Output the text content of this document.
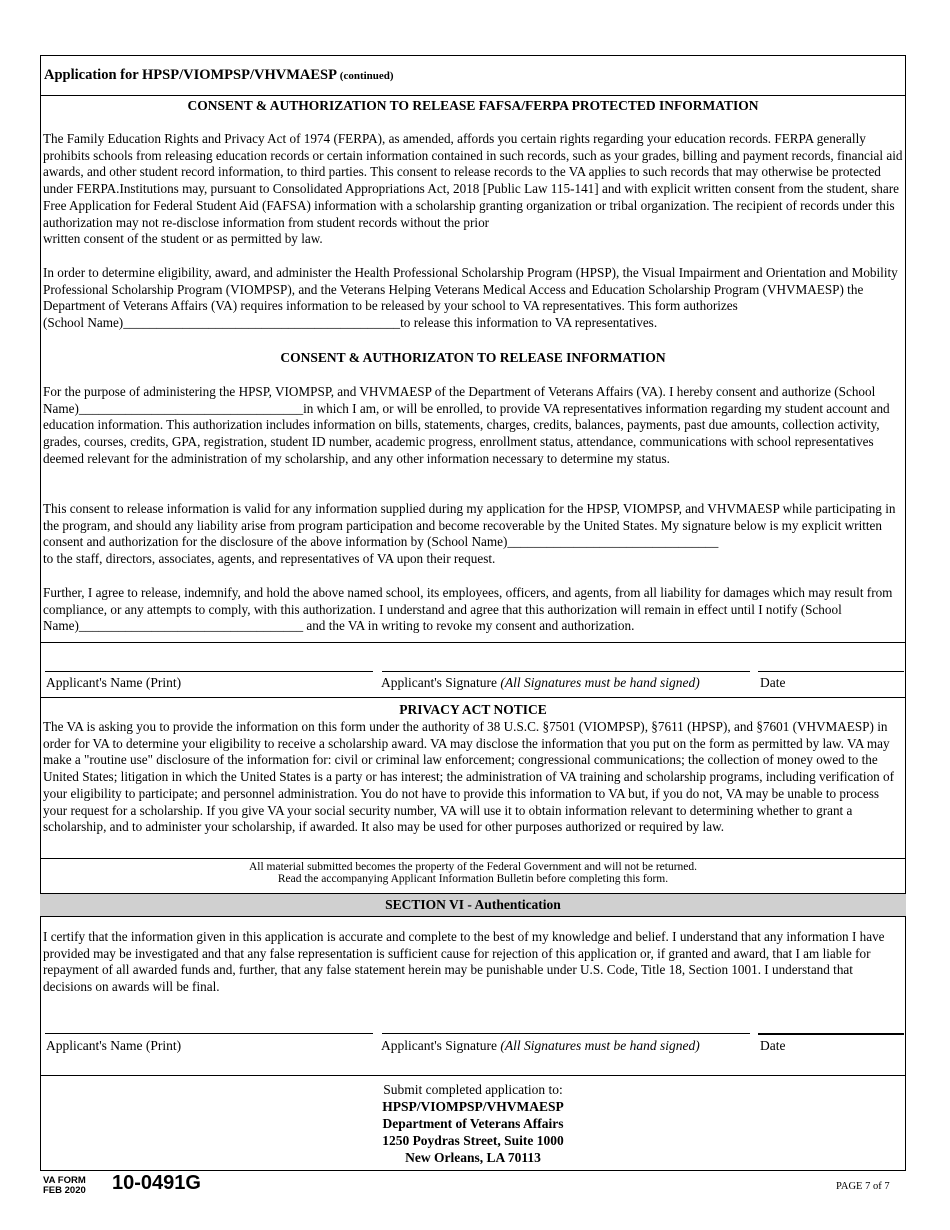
Application for HPSP/VIOMPSP/VHVMAESP (continued)
CONSENT & AUTHORIZATION TO RELEASE FAFSA/FERPA PROTECTED INFORMATION

The Family Education Rights and Privacy Act of 1974 (FERPA), as amended, affords you certain rights regarding your education records. FERPA generally prohibits schools from releasing education records or certain information contained in such records, such as your grades, billing and payment records, financial aid awards, and other student record information, to third parties. This consent to release records to the VA applies to such records that may otherwise be protected under FERPA.Institutions may, pursuant to Consolidated Appropriations Act, 2018 [Public Law 115-141] and with explicit written consent from the student, share Free Application for Federal Student Aid (FAFSA) information with a scholarship granting organization or tribal organization. The recipient of records under this authorization may not re-disclose information from student records without the prior
written consent of the student or as permitted by law.

In order to determine eligibility, award, and administer the Health Professional Scholarship Program (HPSP), the Visual Impairment and Orientation and Mobility Professional Scholarship Program (VIOMPSP), and the Veterans Helping Veterans Medical Access and Education Scholarship Program (VHVMAESP) the Department of Veterans Affairs (VA) requires information to be released by your school to VA representatives. This form authorizes
(School Name)__________________________________________to release this information to VA representatives.

CONSENT & AUTHORIZATON TO RELEASE INFORMATION

For the purpose of administering the HPSP, VIOMPSP, and VHVMAESP of the Department of Veterans Affairs (VA). I hereby consent and authorize (School Name)__________________________________in which I am, or will be enrolled, to provide VA representatives information regarding my student account and education information. This authorization includes information on bills, statements, charges, credits, balances, payments, past due amounts, collection activity, grades, courses, credits, GPA, registration, student ID number, academic progress, enrollment status, attendance, communications with school representatives deemed relevant for the administration of my scholarship, and any other information necessary to determine my status.

This consent to release information is valid for any information supplied during my application for the HPSP, VIOMPSP, and VHVMAESP while participating in the program, and should any liability arise from program participation and become recoverable by the United States. My signature below is my explicit written consent and authorization for the disclosure of the above information by (School Name)________________________________
to the staff, directors, associates, agents, and representatives of VA upon their request.

Further, I agree to release, indemnify, and hold the above named school, its employees, officers, and agents, from all liability for damages which may result from compliance, or any attempts to comply, with this authorization. I understand and agree that this authorization will remain in effect until I notify (School Name)__________________________________ and the VA in writing to revoke my consent and authorization.

Applicant's Name (Print)	Applicant's Signature (All Signatures must be hand signed)	Date
PRIVACY ACT NOTICE

The VA is asking you to provide the information on this form under the authority of 38 U.S.C. §7501 (VIOMPSP), §7611 (HPSP), and §7601 (VHVMAESP) in order for VA to determine your eligibility to receive a scholarship award. VA may disclose the information that you put on the form as permitted by law. VA may make a "routine use" disclosure of the information for: civil or criminal law enforcement; congressional communications; the collection of money owed to the United States; litigation in which the United States is a party or has interest; the administration of VA training and scholarship programs, including verification of your eligibility to participate; and personnel administration. You do not have to provide this information to VA but, if you do not, VA may be unable to process your request for a scholarship. If you give VA your social security number, VA will use it to obtain information relevant to determining whether to grant a scholarship, and to administer your scholarship, if awarded. It also may be used for other purposes authorized or required by law.

All material submitted becomes the property of the Federal Government and will not be returned.
Read the accompanying Applicant Information Bulletin before completing this form.
SECTION VI - Authentication

I certify that the information given in this application is accurate and complete to the best of my knowledge and belief. I understand that any information I have provided may be investigated and that any false representation is sufficient cause for rejection of this application or, if granted and award, that I am liable for repayment of all awarded funds and, further, that any false statement herein may be punishable under U.S. Code, Title 18, Section 1001. I understand that decisions on awards will be final.

Applicant's Name (Print)	Applicant's Signature (All Signatures must be hand signed)	Date
Submit completed application to:
HPSP/VIOMPSP/VHVMAESP
Department of Veterans Affairs
1250 Poydras Street, Suite 1000
New Orleans, LA 70113
VA FORM
FEB 2020 10-0491G	PAGE 7 of 7
